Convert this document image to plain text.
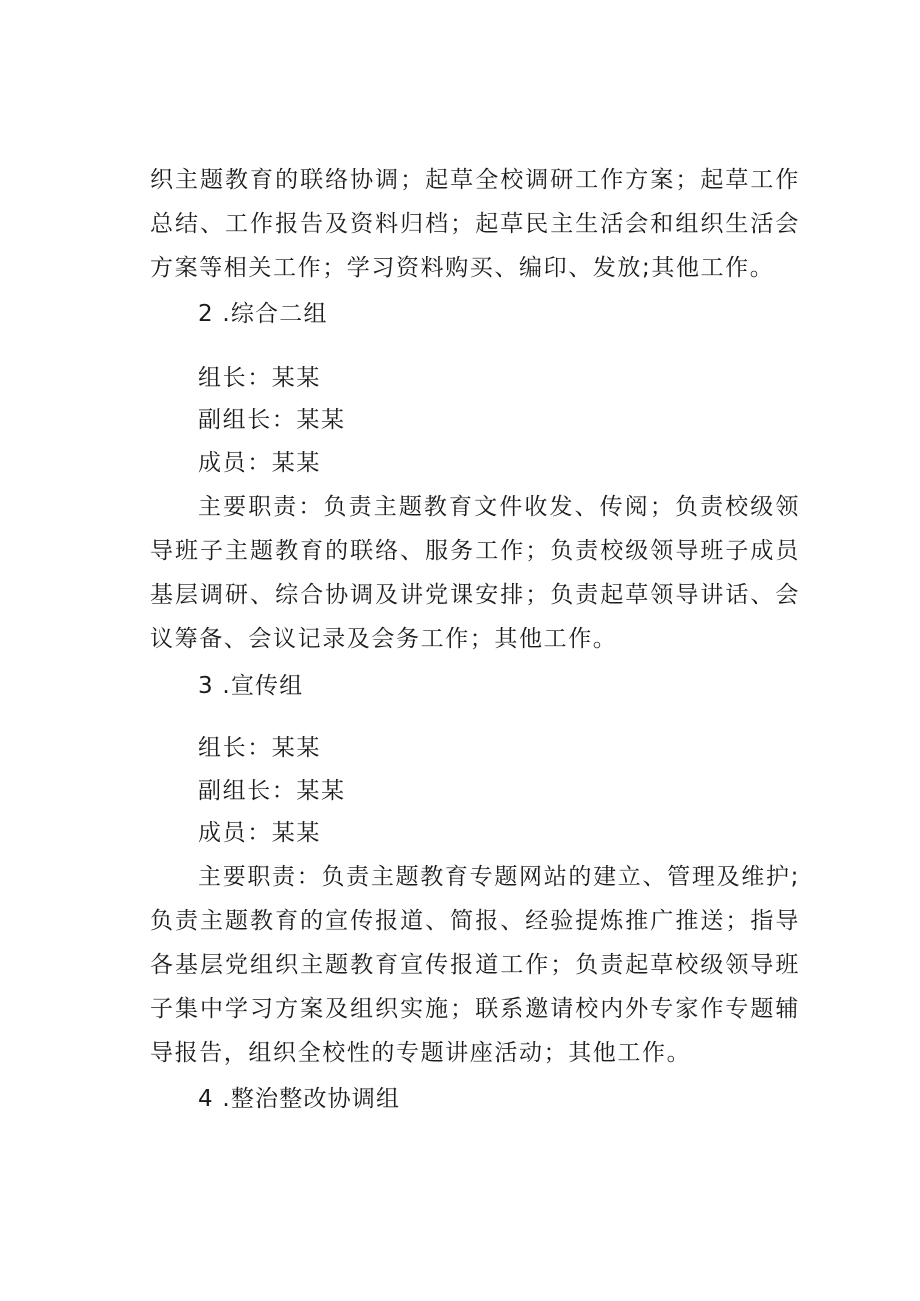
织主题教育的联络协调；起草全校调研工作方案；起草工作总结、工作报告及资料归档；起草民主生活会和组织生活会方案等相关工作；学习资料购买、编印、发放;其他工作。

2 .综合二组

组长：某某

副组长：某某

成员：某某

主要职责：负责主题教育文件收发、传阅；负责校级领导班子主题教育的联络、服务工作；负责校级领导班子成员基层调研、综合协调及讲党课安排；负责起草领导讲话、会议筹备、会议记录及会务工作；其他工作。

3 .宣传组

组长：某某

副组长：某某

成员：某某

主要职责：负责主题教育专题网站的建立、管理及维护;负责主题教育的宣传报道、简报、经验提炼推广推送；指导各基层党组织主题教育宣传报道工作；负责起草校级领导班子集中学习方案及组织实施；联系邀请校内外专家作专题辅导报告，组织全校性的专题讲座活动；其他工作。

4 .整治整改协调组
